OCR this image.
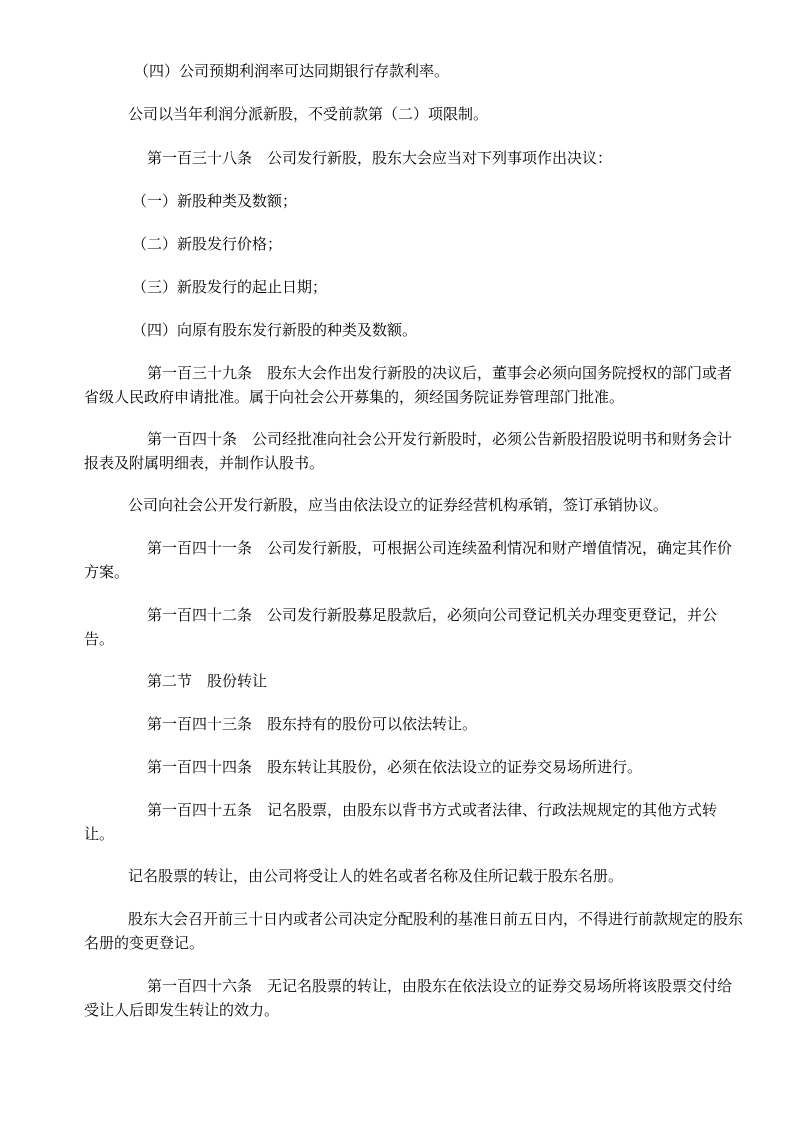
（四）公司预期利润率可达同期银行存款利率。

公司以当年利润分派新股，不受前款第（二）项限制。

第一百三十八条　公司发行新股，股东大会应当对下列事项作出决议：

（一）新股种类及数额；

（二）新股发行价格；

（三）新股发行的起止日期；

（四）向原有股东发行新股的种类及数额。

第一百三十九条　股东大会作出发行新股的决议后，董事会必须向国务院授权的部门或者省级人民政府申请批准。属于向社会公开募集的，须经国务院证券管理部门批准。

第一百四十条　公司经批准向社会公开发行新股时，必须公告新股招股说明书和财务会计报表及附属明细表，并制作认股书。

公司向社会公开发行新股，应当由依法设立的证券经营机构承销，签订承销协议。

第一百四十一条　公司发行新股，可根据公司连续盈利情况和财产增值情况，确定其作价方案。

第一百四十二条　公司发行新股募足股款后，必须向公司登记机关办理变更登记，并公告。

第二节　股份转让

第一百四十三条　股东持有的股份可以依法转让。

第一百四十四条　股东转让其股份，必须在依法设立的证券交易场所进行。

第一百四十五条　记名股票，由股东以背书方式或者法律、行政法规规定的其他方式转让。

记名股票的转让，由公司将受让人的姓名或者名称及住所记载于股东名册。

股东大会召开前三十日内或者公司决定分配股利的基准日前五日内，不得进行前款规定的股东名册的变更登记。

第一百四十六条　无记名股票的转让，由股东在依法设立的证券交易场所将该股票交付给受让人后即发生转让的效力。
